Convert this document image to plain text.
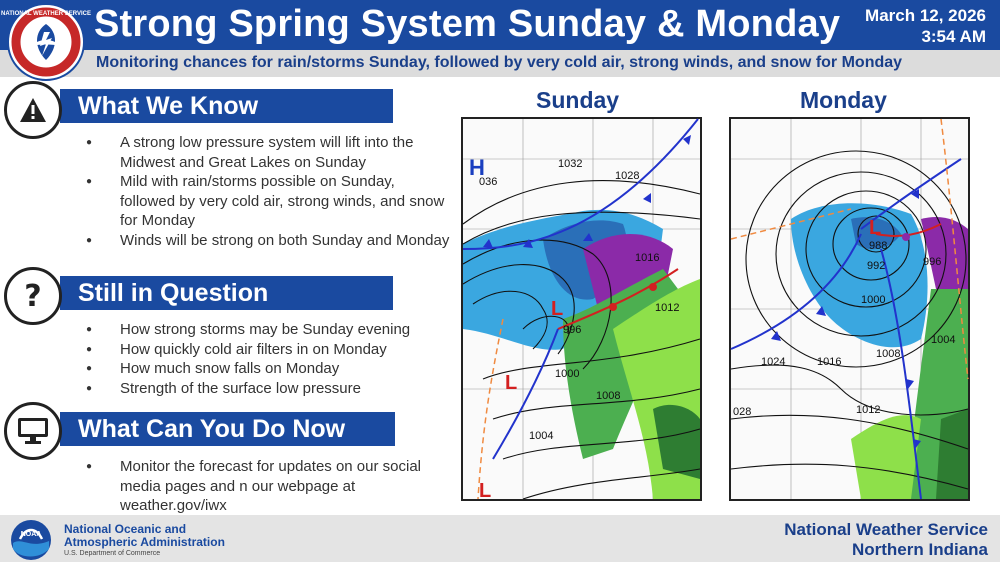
Strong Spring System Sunday & Monday March 12, 2026
3:54 AM
Monitoring chances for rain/storms Sunday, followed by very cold air, strong winds, and snow for Monday
NATIONAL WEATHER SERVICE
What We Know
● A strong low pressure system will lift into the Midwest and Great Lakes on Sunday
● Mild with rain/storms possible on Sunday, followed by very cold air, strong winds, and snow for Monday
● Winds will be strong on both Sunday and Monday
? Still in Question
● How strong storms may be Sunday evening
● How quickly cold air filters in on Monday
● How much snow falls on Monday
● Strength of the surface low pressure
What Can You Do Now
● Monitor the forecast for updates on our social media pages and n our webpage at weather.gov/iwx
Sunday	Monday
H
036
1032
1028
1016
1012
L
996
1000
1008
1004
L
L
L
988
992	996
1000
1008
1004
1024	1016
1012
028
NOAA National Oceanic and
Atmospheric Administration
U.S. Department of Commerce
National Weather Service
Northern Indiana
